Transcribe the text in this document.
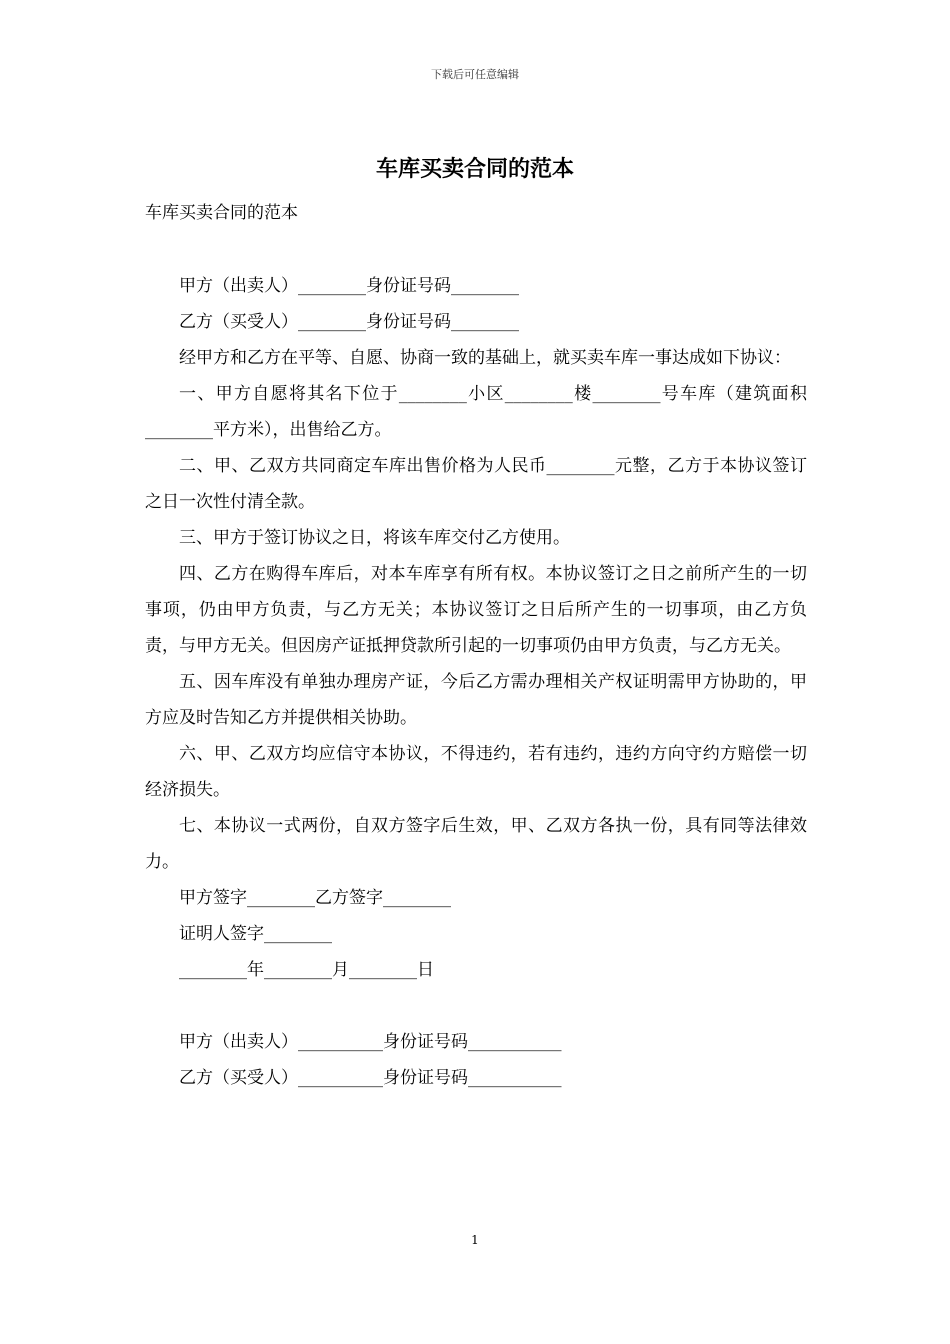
下载后可任意编辑
车库买卖合同的范本
车库买卖合同的范本

甲方（出卖人）________身份证号码________

乙方（买受人）________身份证号码________

经甲方和乙方在平等、自愿、协商一致的基础上，就买卖车库一事达成如下协议：

一、甲方自愿将其名下位于________小区________楼________号车库（建筑面积________平方米），出售给乙方。

二、甲、乙双方共同商定车库出售价格为人民币________元整，乙方于本协议签订之日一次性付清全款。

三、甲方于签订协议之日，将该车库交付乙方使用。

四、乙方在购得车库后，对本车库享有所有权。本协议签订之日之前所产生的一切事项，仍由甲方负责，与乙方无关；本协议签订之日后所产生的一切事项，由乙方负责，与甲方无关。但因房产证抵押贷款所引起的一切事项仍由甲方负责，与乙方无关。

五、因车库没有单独办理房产证，今后乙方需办理相关产权证明需甲方协助的，甲方应及时告知乙方并提供相关协助。

六、甲、乙双方均应信守本协议，不得违约，若有违约，违约方向守约方赔偿一切经济损失。

七、本协议一式两份，自双方签字后生效，甲、乙双方各执一份，具有同等法律效力。

甲方签字________乙方签字________

证明人签字________

________年________月________日

甲方（出卖人）__________身份证号码___________

乙方（买受人）__________身份证号码___________

1
